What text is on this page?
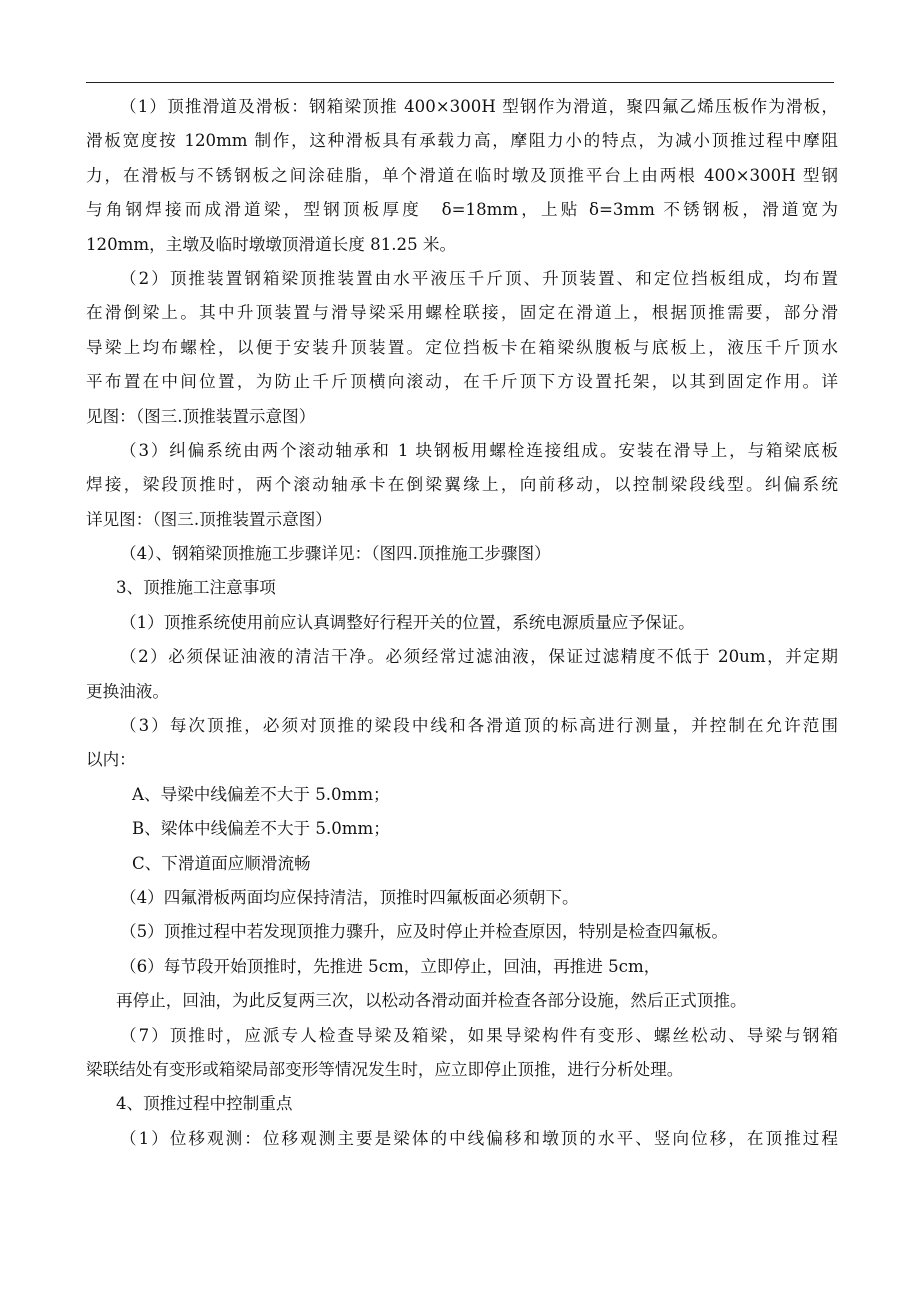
（1）顶推滑道及滑板：钢箱梁顶推 400×300H 型钢作为滑道，聚四氟乙烯压板作为滑板，
滑板宽度按 120mm 制作，这种滑板具有承载力高，摩阻力小的特点，为减小顶推过程中摩阻
力，在滑板与不锈钢板之间涂硅脂，单个滑道在临时墩及顶推平台上由两根 400×300H 型钢
与角钢焊接而成滑道梁，型钢顶板厚度　δ=18mm，上贴 δ=3mm 不锈钢板，滑道宽为
120mm，主墩及临时墩墩顶滑道长度 81.25 米。
（2）顶推装置钢箱梁顶推装置由水平液压千斤顶、升顶装置、和定位挡板组成，均布置
在滑倒梁上。其中升顶装置与滑导梁采用螺栓联接，固定在滑道上，根据顶推需要，部分滑
导梁上均布螺栓，以便于安装升顶装置。定位挡板卡在箱梁纵腹板与底板上，液压千斤顶水
平布置在中间位置，为防止千斤顶横向滚动，在千斤顶下方设置托架，以其到固定作用。详
见图：（图三.顶推装置示意图）
（3）纠偏系统由两个滚动轴承和 1 块钢板用螺栓连接组成。安装在滑导上，与箱梁底板
焊接，梁段顶推时，两个滚动轴承卡在倒梁翼缘上，向前移动，以控制梁段线型。纠偏系统
详见图：（图三.顶推装置示意图）
（4）、钢箱梁顶推施工步骤详见：（图四.顶推施工步骤图）
3、顶推施工注意事项
（1）顶推系统使用前应认真调整好行程开关的位置，系统电源质量应予保证。
（2）必须保证油液的清洁干净。必须经常过滤油液，保证过滤精度不低于 20um，并定期
更换油液。
（3）每次顶推，必须对顶推的梁段中线和各滑道顶的标高进行测量，并控制在允许范围
以内：
A、导梁中线偏差不大于 5.0mm；
B、梁体中线偏差不大于 5.0mm；
C、下滑道面应顺滑流畅
（4）四氟滑板两面均应保持清洁，顶推时四氟板面必须朝下。
（5）顶推过程中若发现顶推力骤升，应及时停止并检查原因，特别是检查四氟板。
（6）每节段开始顶推时，先推进 5cm，立即停止，回油，再推进 5cm，
再停止，回油，为此反复两三次，以松动各滑动面并检查各部分设施，然后正式顶推。
（7）顶推时，应派专人检查导梁及箱梁，如果导梁构件有变形、螺丝松动、导梁与钢箱
梁联结处有变形或箱梁局部变形等情况发生时，应立即停止顶推，进行分析处理。
4、顶推过程中控制重点
（1）位移观测：位移观测主要是梁体的中线偏移和墩顶的水平、竖向位移，在顶推过程
